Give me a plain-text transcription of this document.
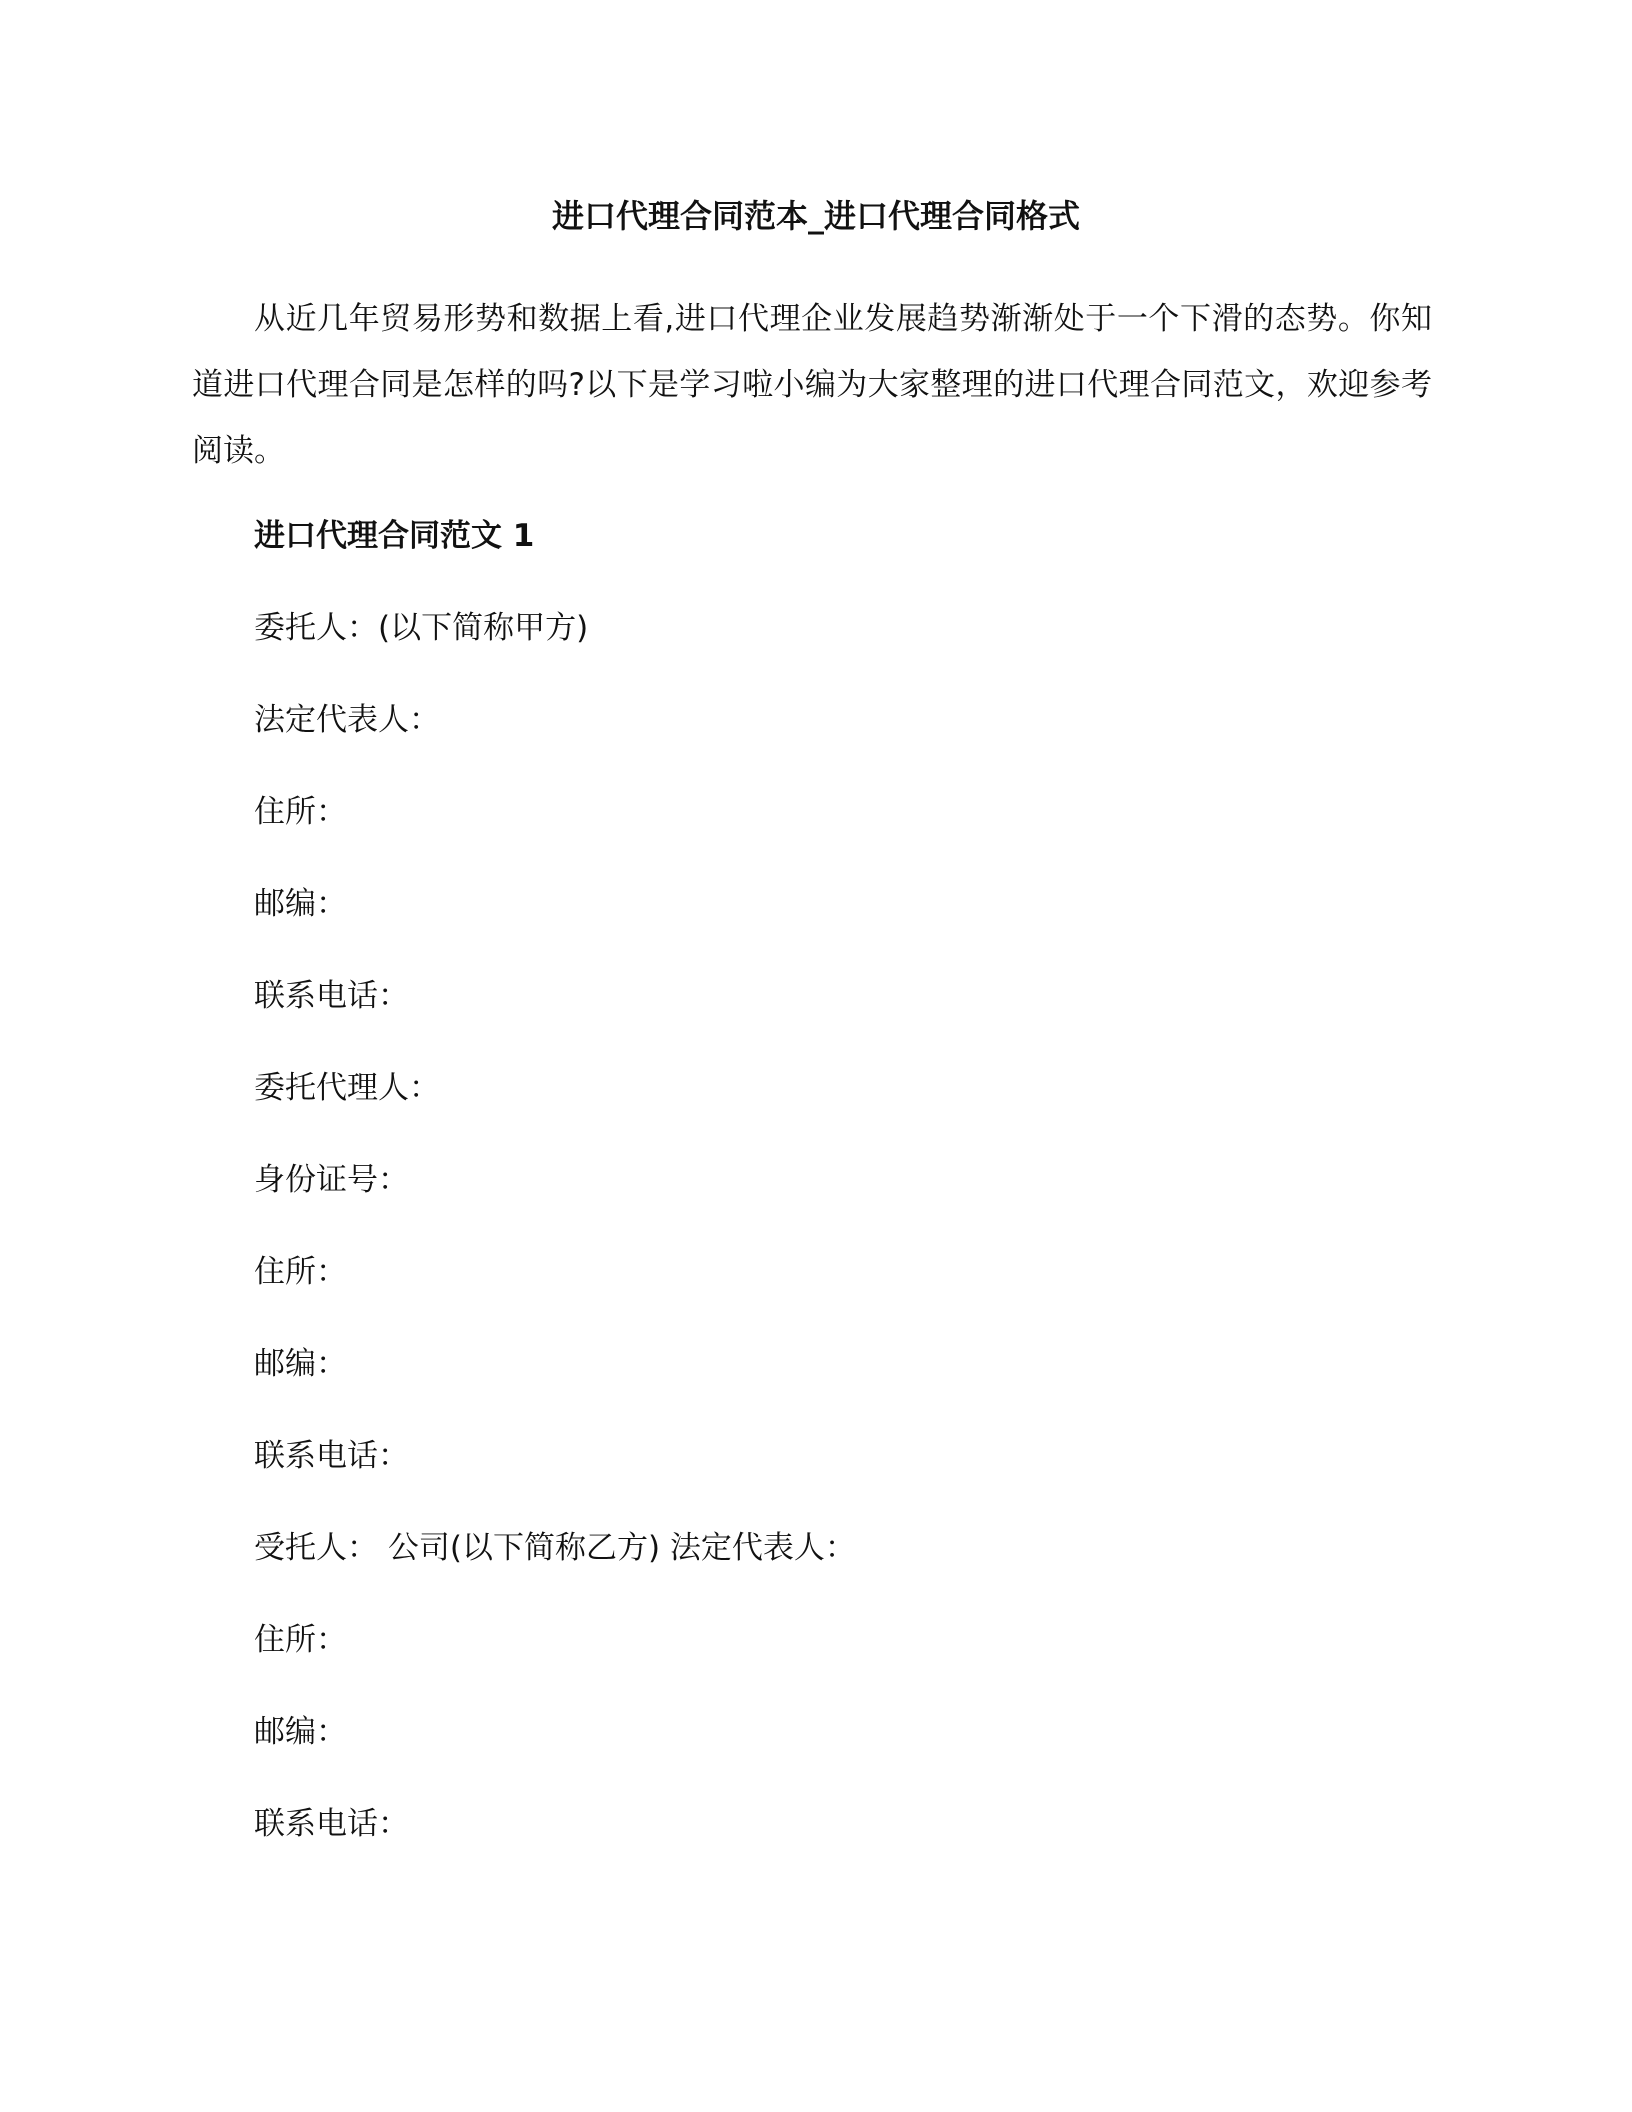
进口代理合同范本_进口代理合同格式

从近几年贸易形势和数据上看,进口代理企业发展趋势渐渐处于一个下滑的态势。你知道进口代理合同是怎样的吗?以下是学习啦小编为大家整理的进口代理合同范文，欢迎参考阅读。

进口代理合同范文 1

委托人：(以下简称甲方)

法定代表人：

住所：

邮编：

联系电话：

委托代理人：

身份证号：

住所：

邮编：

联系电话：

受托人： 公司(以下简称乙方) 法定代表人：

住所：

邮编：

联系电话：
